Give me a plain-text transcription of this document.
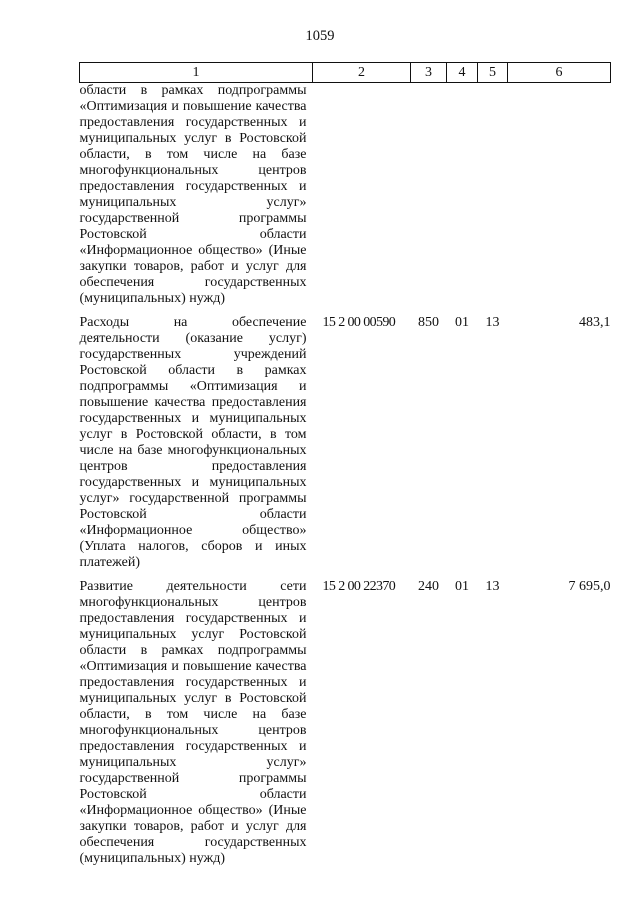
1059
1	2	3	4	5	6
области в рамках подпрограммы «Оптимизация и повышение качества предоставления государственных и муниципальных услуг в Ростовской области, в том числе на базе многофункциональных центров предоставления государственных и муниципальных услуг» государственной программы Ростовской области «Информационное общество» (Иные закупки товаров, работ и услуг для обеспечения государственных (муниципальных) нужд)					
Расходы на обеспечение деятельности (оказание услуг) государственных учреждений Ростовской области в рамках подпрограммы «Оптимизация и повышение качества предоставления государственных и муниципальных услуг в Ростовской области, в том числе на базе многофункциональных центров предоставления государственных и муниципальных услуг» государственной программы Ростовской области «Информационное общество» (Уплата налогов, сборов и иных платежей)	15 2 00 00590	850	01	13	483,1
Развитие деятельности сети многофункциональных центров предоставления государственных и муниципальных услуг Ростовской области в рамках подпрограммы «Оптимизация и повышение качества предоставления государственных и муниципальных услуг в Ростовской области, в том числе на базе многофункциональных центров предоставления государственных и муниципальных услуг» государственной программы Ростовской области «Информационное общество» (Иные закупки товаров, работ и услуг для обеспечения государственных (муниципальных) нужд)	15 2 00 22370	240	01	13	7 695,0
